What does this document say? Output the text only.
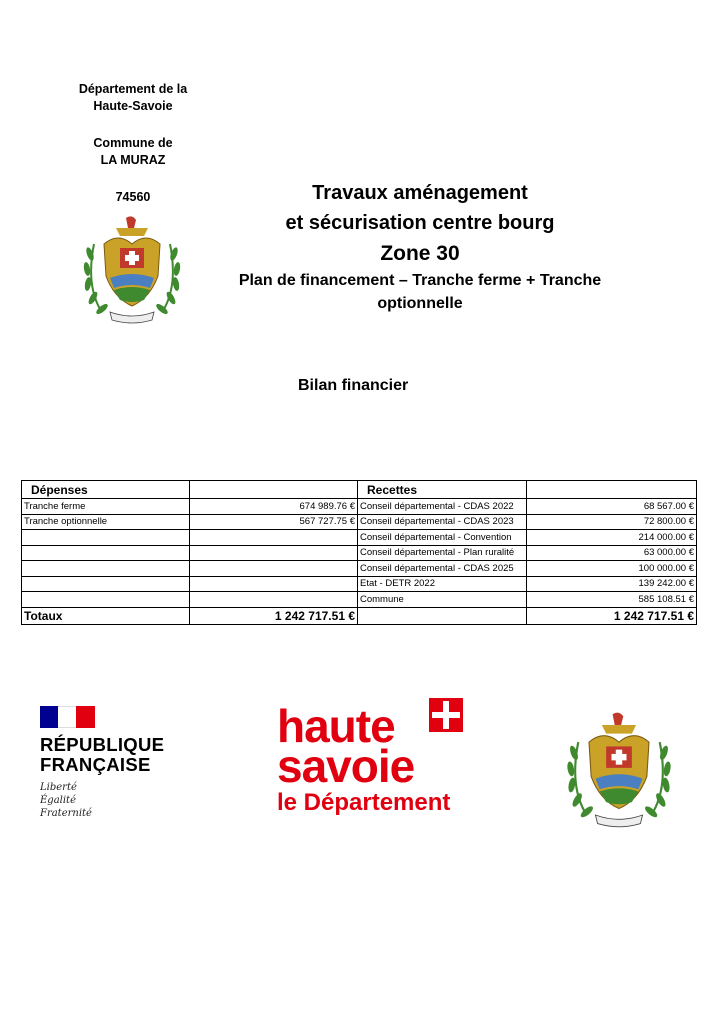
Département de la
Haute-Savoie
Commune de
LA MURAZ
74560	Travaux aménagement
et sécurisation centre bourg
Zone 30
Plan de financement – Tranche ferme + Tranche
optionnelle
Bilan financier
Dépenses		Recettes	
Tranche ferme	674 989.76 €	Conseil départemental - CDAS 2022	68 567.00 €
Tranche optionnelle	567 727.75 €	Conseil départemental - CDAS 2023	72 800.00 €
		Conseil départemental - Convention	214 000.00 €
		Conseil départemental - Plan ruralité	63 000.00 €
		Conseil départemental - CDAS 2025	100 000.00 €
		Etat - DETR 2022	139 242.00 €
		Commune	585 108.51 €
Totaux	1 242 717.51 €		1 242 717.51 €
RÉPUBLIQUE
FRANÇAISE
Liberté
Égalité
Fraternité
haute
savoie
le Département
